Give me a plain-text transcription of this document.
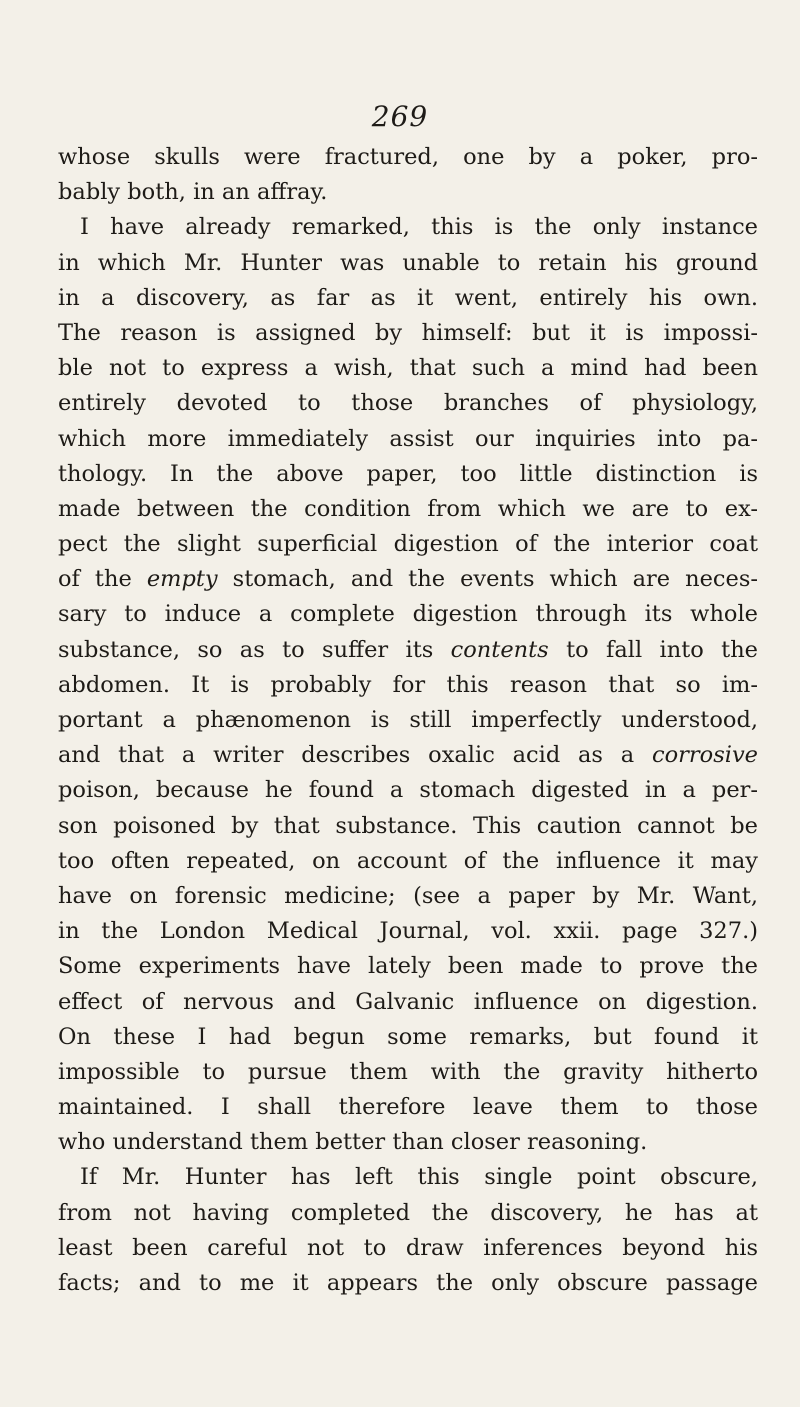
269
whose skulls were fractured, one by a poker, pro-
bably both, in an affray.
I have already remarked, this is the only instance
in which Mr. Hunter was unable to retain his ground
in a discovery, as far as it went, entirely his own.
The reason is assigned by himself: but it is impossi-
ble not to express a wish, that such a mind had been
entirely devoted to those branches of physiology,
which more immediately assist our inquiries into pa-
thology. In the above paper, too little distinction is
made between the condition from which we are to ex-
pect the slight superficial digestion of the interior coat
of the empty stomach, and the events which are neces-
sary to induce a complete digestion through its whole
substance, so as to suffer its contents to fall into the
abdomen. It is probably for this reason that so im-
portant a phænomenon is still imperfectly understood,
and that a writer describes oxalic acid as a corrosive
poison, because he found a stomach digested in a per-
son poisoned by that substance. This caution cannot be
too often repeated, on account of the influence it may
have on forensic medicine; (see a paper by Mr. Want,
in the London Medical Journal, vol. xxii. page 327.)
Some experiments have lately been made to prove the
effect of nervous and Galvanic influence on digestion.
On these I had begun some remarks, but found it
impossible to pursue them with the gravity hitherto
maintained. I shall therefore leave them to those
who understand them better than closer reasoning.
If Mr. Hunter has left this single point obscure,
from not having completed the discovery, he has at
least been careful not to draw inferences beyond his
facts; and to me it appears the only obscure passage
